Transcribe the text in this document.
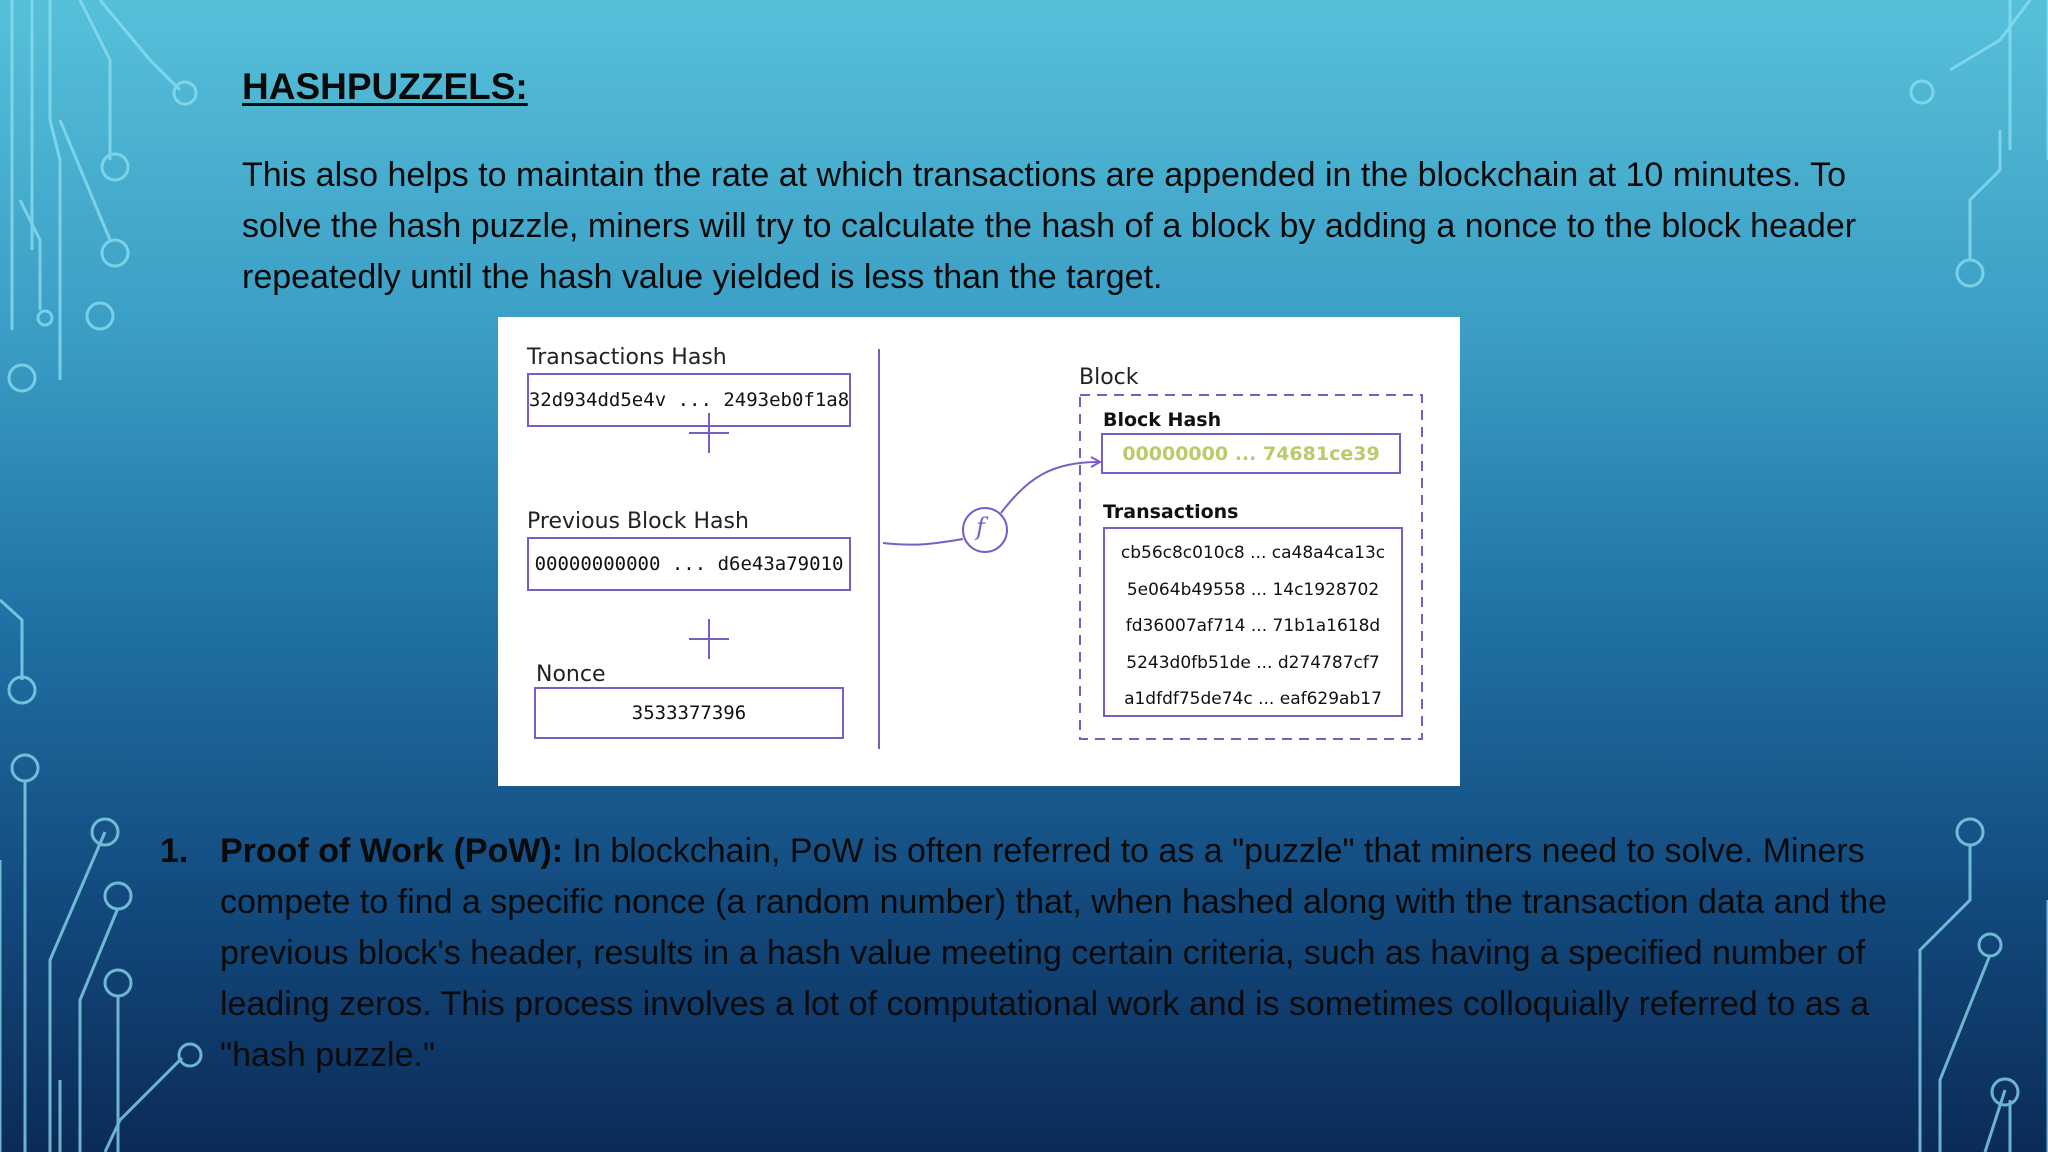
HASHPUZZELS:

This also helps to maintain the rate at which transactions are appended in the blockchain at 10 minutes. To solve the hash puzzle, miners will try to calculate the hash of a block by adding a nonce to the block header repeatedly until the hash value yielded is less than the target.

Transactions Hash
32d934dd5e4v ... 2493eb0f1a8
Previous Block Hash
00000000000 ... d6e43a79010
Nonce
3533377396
f
Block
Block Hash
00000000 ... 74681ce39
Transactions
cb56c8c010c8 ... ca48a4ca13c
5e064b49558 ... 14c1928702
fd36007af714 ... 71b1a1618d
5243d0fb51de ... d274787cf7
a1dfdf75de74c ... eaf629ab17
1. Proof of Work (PoW): In blockchain, PoW is often referred to as a "puzzle" that miners need to solve. Miners compete to find a specific nonce (a random number) that, when hashed along with the transaction data and the previous block's header, results in a hash value meeting certain criteria, such as having a specified number of leading zeros. This process involves a lot of computational work and is sometimes colloquially referred to as a "hash puzzle."
